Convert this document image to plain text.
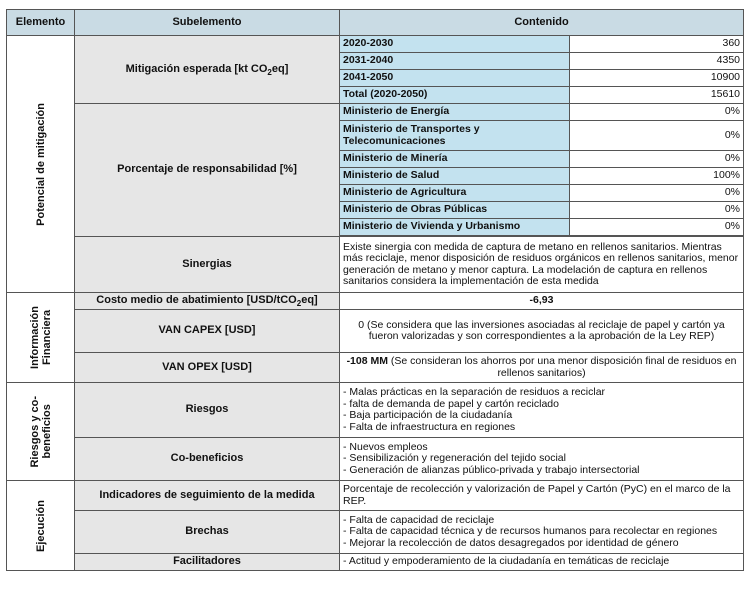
Elemento	Subelemento	Contenido	

Potencial de mitigación	Mitigación esperada [kt $CO_2eq$]	2020-2030	360
		2031-2040	4350
		2041-2050	10900
		Total (2020-2050)	15610
	Porcentaje de responsabilidad [%]	Ministerio de Energía	0%
		Ministerio de Transportes y Telecomunicaciones	0%
		Ministerio de Minería	0%
		Ministerio de Salud	100%
		Ministerio de Agricultura	0%
		Ministerio de Obras Públicas	0%
		Ministerio de Vivienda y Urbanismo	0%

	Sinergias	Existe sinergia con medida de captura de metano en rellenos sanitarios. Mientras más reciclaje, menor disposición de residuos orgánicos en rellenos sanitarios, menor generación de metano y menor captura. La modelación de captura en rellenos sanitarios considera la implementación de esta medida	

Información Financiera	Costo medio de abatimiento [USD/tCO$_2$eq]	-6,93	
	VAN CAPEX [USD]	0 (Se considera que las inversiones asociadas al reciclaje de papel y cartón ya fueron valorizadas y son correspondientes a la aprobación de la Ley REP)	
	VAN OPEX [USD]	-108 MM (Se consideran los ahorros por una menor disposición final de residuos en rellenos sanitarios)	

Riesgos y co- beneficios	Riesgos	- Malas prácticas en la separación de residuos a reciclar
- falta de demanda de papel y cartón reciclado
- Baja participación de la ciudadanía
- Falta de infraestructura en regiones	

	Co-beneficios	- Nuevos empleos
- Sensibilización y regeneración del tejido social
- Generación de alianzas público-privada y trabajo intersectorial	

Ejecución	Indicadores de seguimiento de la medida	Porcentaje de recolección y valorización de Papel y Cartón (PyC) en el marco de la REP.	
	Brechas	- Falta de capacidad de reciclaje
- Falta de capacidad técnica y de recursos humanos para recolectar en regiones
- Mejorar la recolección de datos desagregados por identidad de género	

	Facilitadores	- Actitud y empoderamiento de la ciudadanía en temáticas de reciclaje	
